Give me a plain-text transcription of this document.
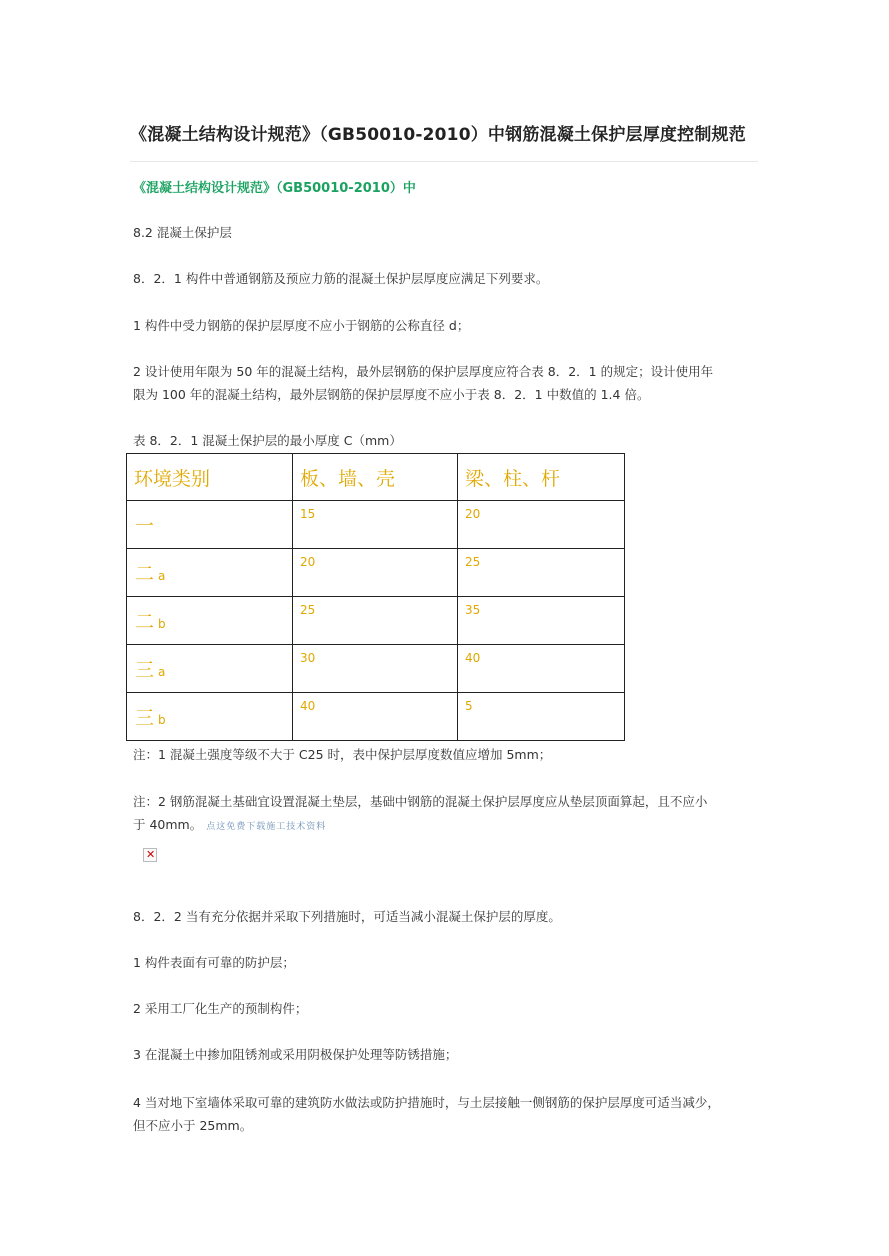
《混凝土结构设计规范》（GB50010-2010）中钢筋混凝土保护层厚度控制规范
《混凝土结构设计规范》（GB50010-2010）中
8.2 混凝土保护层
8．2．1 构件中普通钢筋及预应力筋的混凝土保护层厚度应满足下列要求。
1 构件中受力钢筋的保护层厚度不应小于钢筋的公称直径 d；
2 设计使用年限为 50 年的混凝土结构，最外层钢筋的保护层厚度应符合表 8．2．1 的规定；设计使用年
限为 100 年的混凝土结构，最外层钢筋的保护层厚度不应小于表 8．2．1 中数值的 1.4 倍。
表 8．2．1 混凝土保护层的最小厚度 C（mm）
环境类别	板、墙、壳	梁、柱、杆

一	15	20

二a	20	25

二b	25	35

三a	30	40

三b	40	5
注：1 混凝土强度等级不大于 C25 时，表中保护层厚度数值应增加 5mm；
注：2 钢筋混凝土基础宜设置混凝土垫层，基础中钢筋的混凝土保护层厚度应从垫层顶面算起，且不应小
于 40mm。 点这免费下载施工技术资料
✕
8．2．2 当有充分依据并采取下列措施时，可适当减小混凝土保护层的厚度。
1 构件表面有可靠的防护层；
2 采用工厂化生产的预制构件；
3 在混凝土中掺加阻锈剂或采用阴极保护处理等防锈措施；
4 当对地下室墙体采取可靠的建筑防水做法或防护措施时，与土层接触一侧钢筋的保护层厚度可适当减少，
但不应小于 25mm。
